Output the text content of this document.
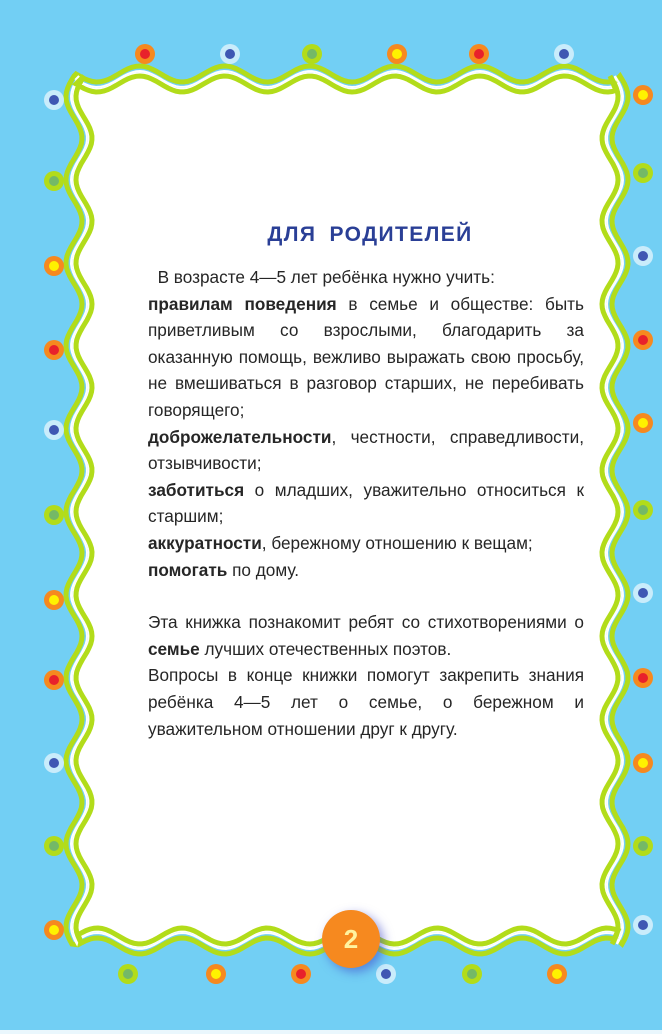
ДЛЯ РОДИТЕЛЕЙ

В возрасте 4—5 лет ребёнка нужно учить:

правилам поведения в семье и обществе: быть приветливым со взрослыми, благодарить за оказанную помощь, вежливо выражать свою просьбу, не вмешиваться в разговор старших, не перебивать говорящего;

доброжелательности, честности, справедливости, отзывчивости;

заботиться о младших, уважительно относиться к старшим;

аккуратности, бережному отношению к вещам;

помогать по дому.

Эта книжка познакомит ребят со стихотворениями о семье лучших отечественных поэтов.

Вопросы в конце книжки помогут закрепить знания ребёнка 4—5 лет о семье, о бережном и уважительном отношении друг к другу.

2
